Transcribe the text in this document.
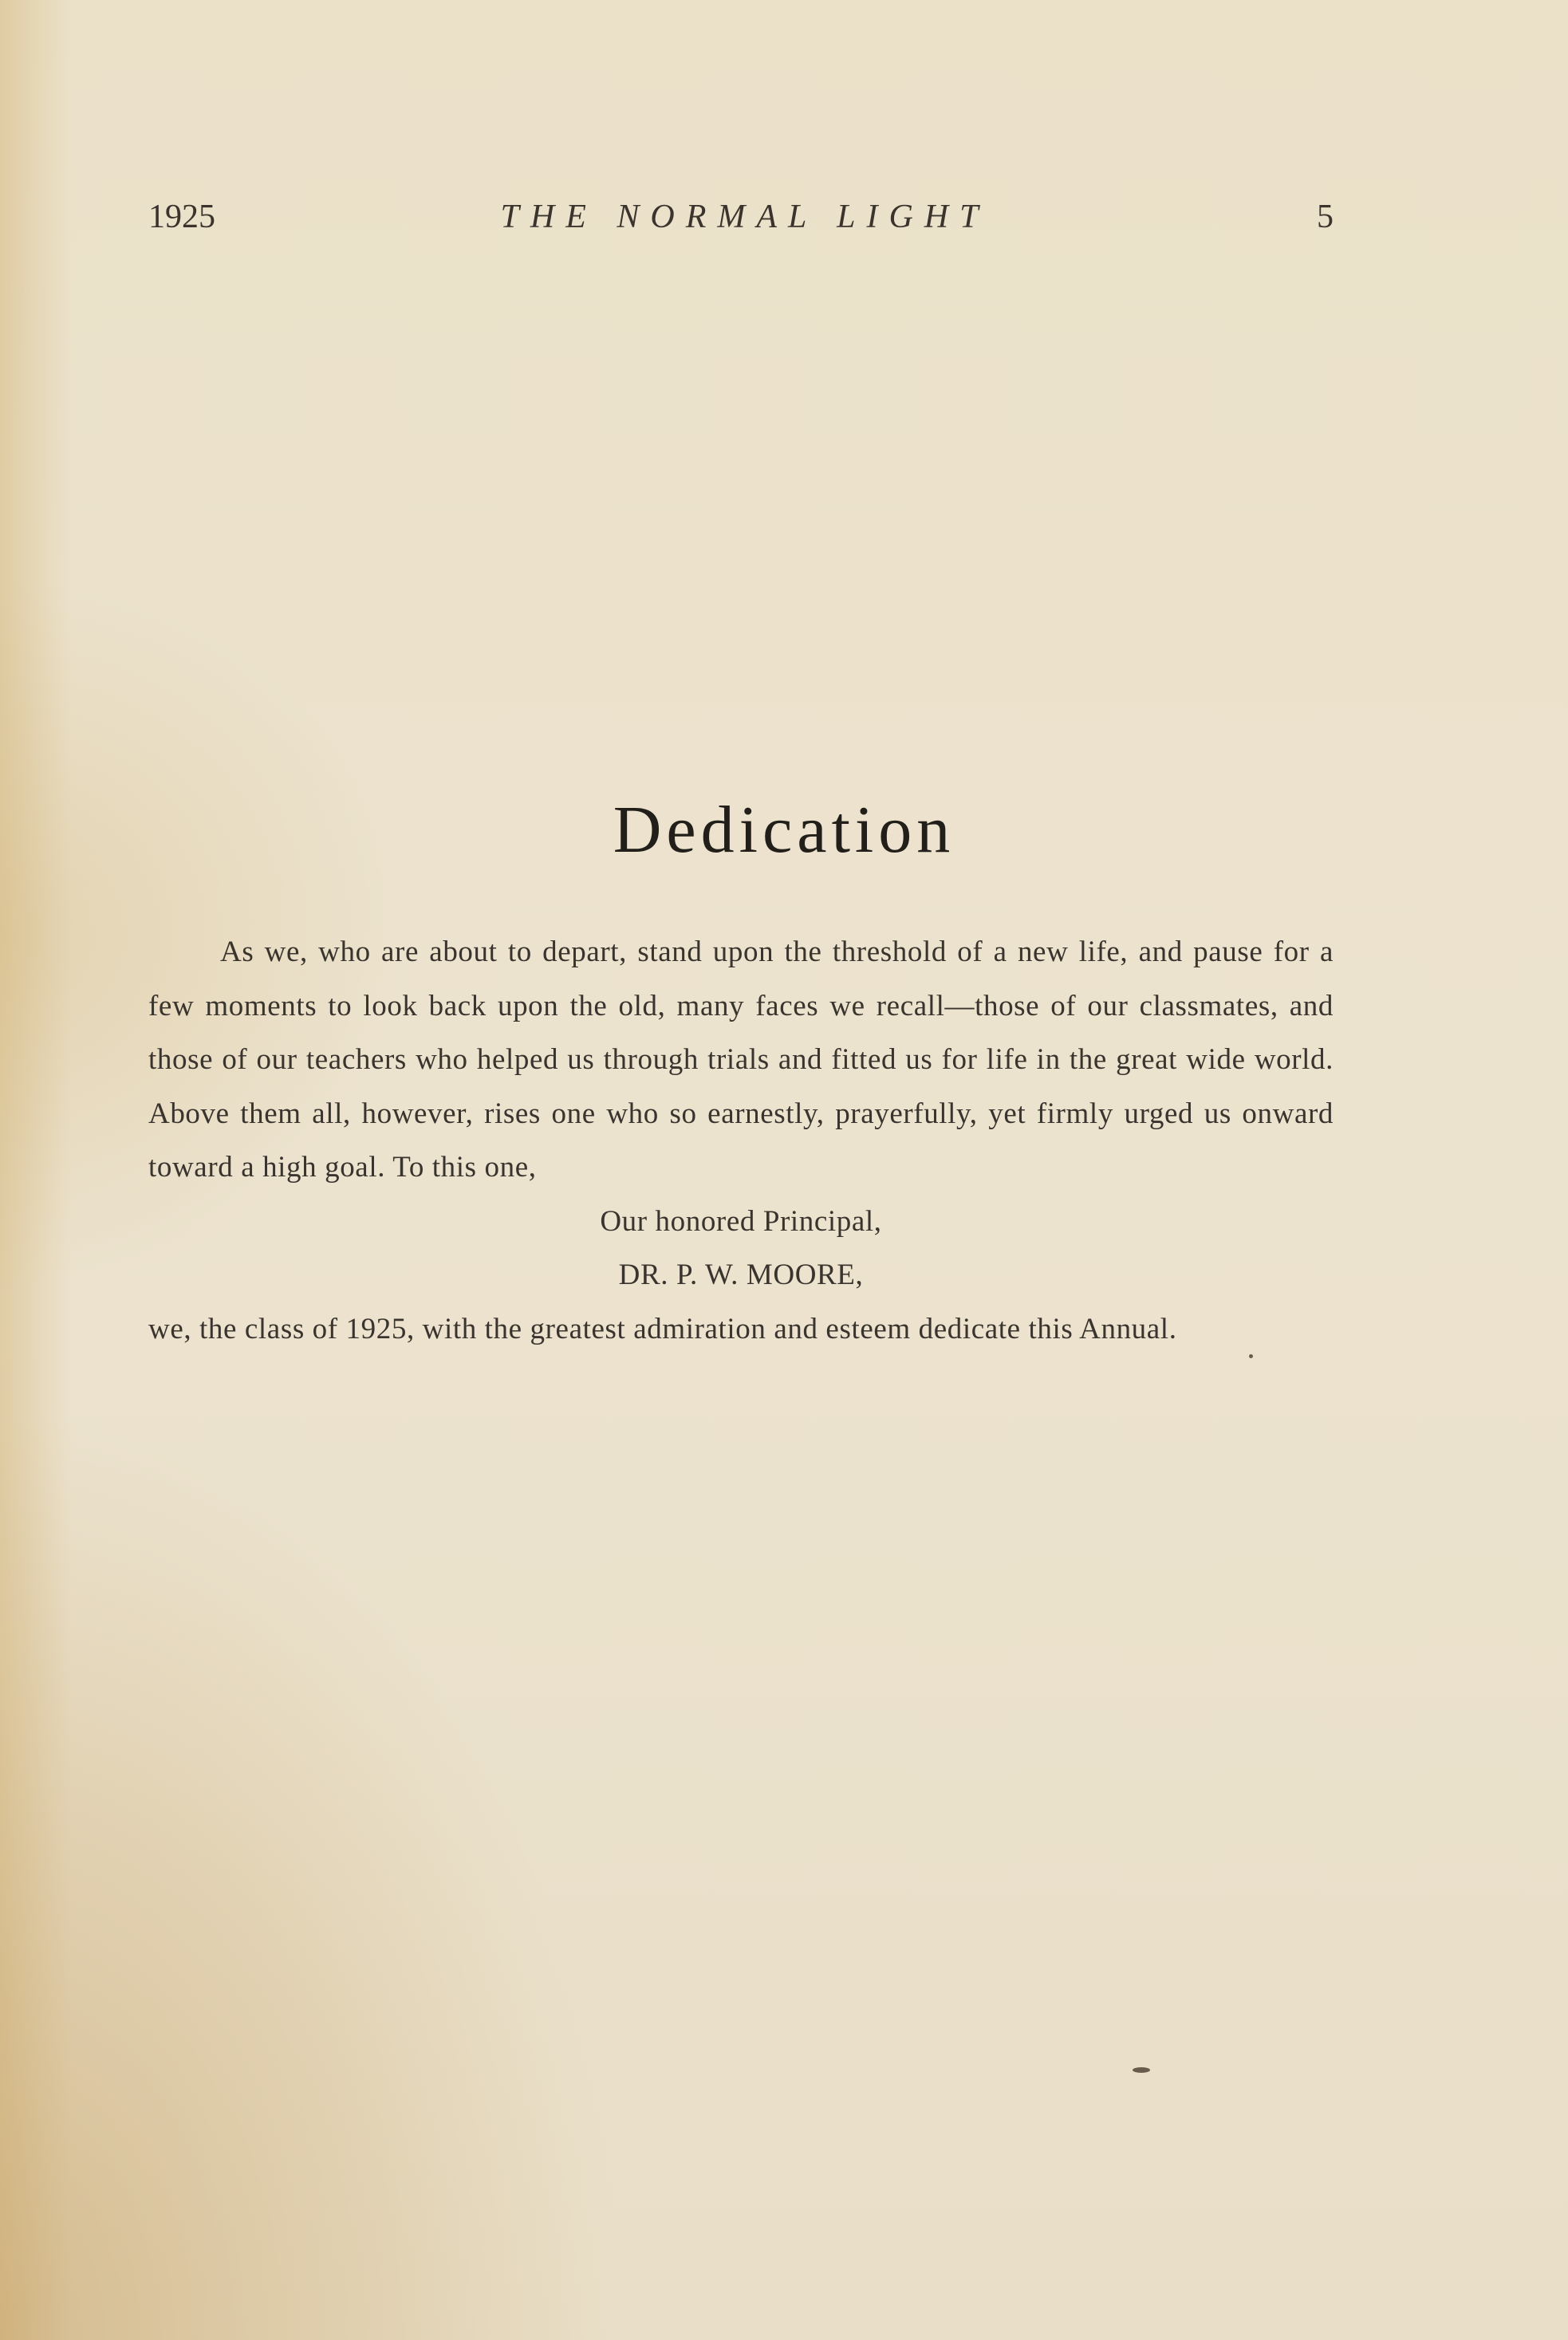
1925	THE NORMAL LIGHT	5
Dedication

As we, who are about to depart, stand upon the threshold of a new life, and pause for a few moments to look back upon the old, many faces we recall—those of our classmates, and those of our teachers who helped us through trials and fitted us for life in the great wide world. Above them all, however, rises one who so earnestly, prayerfully, yet firmly urged us onward toward a high goal. To this one,

Our honored Principal,

DR. P. W. MOORE,

we, the class of 1925, with the greatest admiration and esteem dedicate this Annual.
